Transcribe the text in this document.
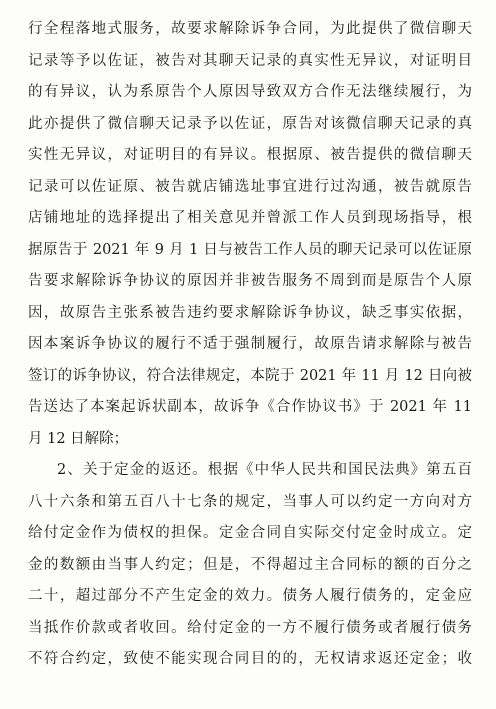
行全程落地式服务，故要求解除诉争合同，为此提供了微信聊天
记录等予以佐证，被告对其聊天记录的真实性无异议，对证明目
的有异议，认为系原告个人原因导致双方合作无法继续履行，为
此亦提供了微信聊天记录予以佐证，原告对该微信聊天记录的真
实性无异议，对证明目的有异议。根据原、被告提供的微信聊天
记录可以佐证原、被告就店铺选址事宜进行过沟通，被告就原告
店铺地址的选择提出了相关意见并曾派工作人员到现场指导，根
据原告于 2021 年 9 月 1 日与被告工作人员的聊天记录可以佐证原
告要求解除诉争协议的原因并非被告服务不周到而是原告个人原
因，故原告主张系被告违约要求解除诉争协议，缺乏事实依据，
因本案诉争协议的履行不适于强制履行，故原告请求解除与被告
签订的诉争协议，符合法律规定，本院于 2021 年 11 月 12 日向被
告送达了本案起诉状副本，故诉争《合作协议书》于 2021 年 11
月 12 日解除；
2、关于定金的返还。根据《中华人民共和国民法典》第五百
八十六条和第五百八十七条的规定，当事人可以约定一方向对方
给付定金作为债权的担保。定金合同自实际交付定金时成立。定
金的数额由当事人约定；但是，不得超过主合同标的额的百分之
二十，超过部分不产生定金的效力。债务人履行债务的，定金应
当抵作价款或者收回。给付定金的一方不履行债务或者履行债务
不符合约定，致使不能实现合同目的的，无权请求返还定金；收
